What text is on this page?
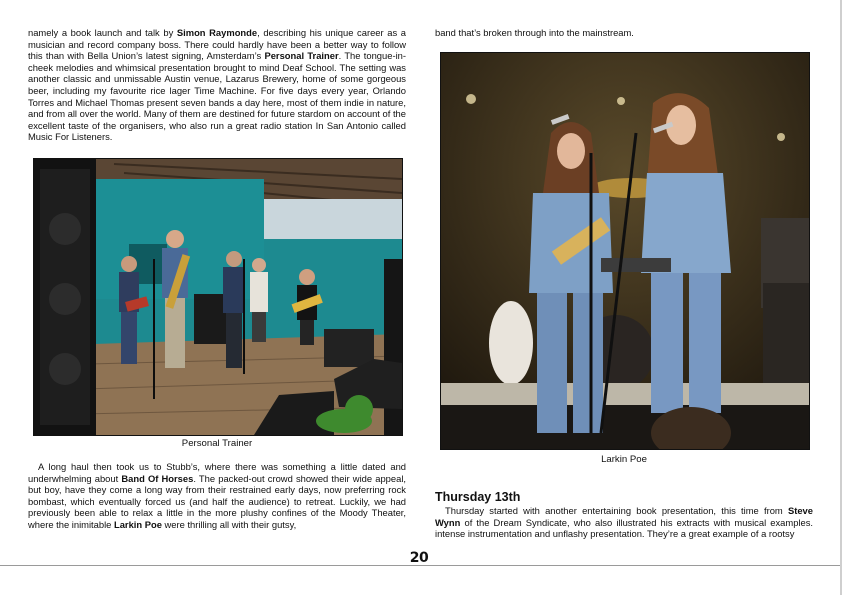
namely a book launch and talk by Simon Raymonde, describing his unique career as a musician and record company boss. There could hardly have been a better way to follow this than with Bella Union’s latest signing, Amsterdam’s Personal Trainer. The tongue-in-cheek melodies and whimsical presentation brought to mind Deaf School. The setting was another classic and unmissable Austin venue, Lazarus Brewery, home of some gorgeous beer, including my favourite rice lager Time Machine. For five days every year, Orlando Torres and Michael Thomas present seven bands a day here, most of them indie in nature, and from all over the world. Many of them are destined for future stardom on account of the excellent taste of the organisers, who also run a great radio station In San Antonio called Music For Listeners.

Personal Trainer

A long haul then took us to Stubb’s, where there was something a little dated and underwhelming about Band Of Horses. The packed-out crowd showed their wide appeal, but boy, have they come a long way from their restrained early days, now preferring rock bombast, which eventually forced us (and half the audience) to retreat. Luckily, we had previously been able to relax a little in the more plushy confines of the Moody Theater, where the inimitable Larkin Poe were thrilling all with their gutsy,

band that’s broken through into the mainstream.

Larkin Poe
Thursday 13th

Thursday started with another entertaining book presentation, this time from Steve Wynn of the Dream Syndicate, who also illustrated his extracts with musical examples. intense instrumentation and unflashy presentation. They’re a great example of a rootsy

20
